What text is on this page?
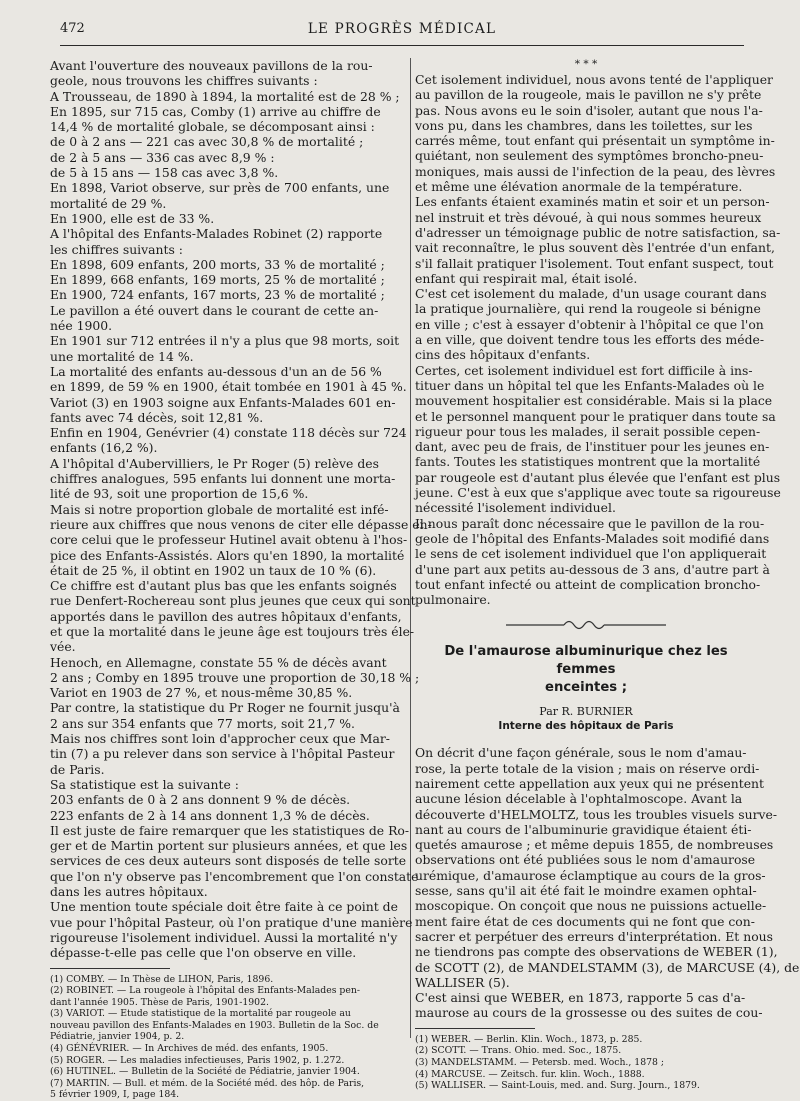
472	LE PROGRÈS MÉDICAL
Avant l'ouverture des nouveaux pavillons de la rou-
geole, nous trouvons les chiffres suivants :
A Trousseau, de 1890 à 1894, la mortalité est de 28 % ;
En 1895, sur 715 cas, Comby (1) arrive au chiffre de
14,4 % de mortalité globale, se décomposant ainsi :
de 0 à 2 ans — 221 cas avec 30,8 % de mortalité ;
de 2 à 5 ans — 336 cas avec 8,9 % :
de 5 à 15 ans — 158 cas avec 3,8 %.
En 1898, Variot observe, sur près de 700 enfants, une
mortalité de 29 %.
En 1900, elle est de 33 %.
A l'hôpital des Enfants-Malades Robinet (2) rapporte
les chiffres suivants :
En 1898, 609 enfants, 200 morts, 33 % de mortalité ;
En 1899, 668 enfants, 169 morts, 25 % de mortalité ;
En 1900, 724 enfants, 167 morts, 23 % de mortalité ;
Le pavillon a été ouvert dans le courant de cette an-
née 1900.
En 1901 sur 712 entrées il n'y a plus que 98 morts, soit
une mortalité de 14 %.
La mortalité des enfants au-dessous d'un an de 56 %
en 1899, de 59 % en 1900, était tombée en 1901 à 45 %.
Variot (3) en 1903 soigne aux Enfants-Malades 601 en-
fants avec 74 décès, soit 12,81 %.
Enfin en 1904, Genévrier (4) constate 118 décès sur 724
enfants (16,2 %).
A l'hôpital d'Aubervilliers, le Pr Roger (5) relève des
chiffres analogues, 595 enfants lui donnent une morta-
lité de 93, soit une proportion de 15,6 %.
Mais si notre proportion globale de mortalité est infé-
rieure aux chiffres que nous venons de citer elle dépasse en-
core celui que le professeur Hutinel avait obtenu à l'hos-
pice des Enfants-Assistés. Alors qu'en 1890, la mortalité
était de 25 %, il obtint en 1902 un taux de 10 % (6).
Ce chiffre est d'autant plus bas que les enfants soignés
rue Denfert-Rochereau sont plus jeunes que ceux qui sont
apportés dans le pavillon des autres hôpitaux d'enfants,
et que la mortalité dans le jeune âge est toujours très éle-
vée.
Henoch, en Allemagne, constate 55 % de décès avant
2 ans ; Comby en 1895 trouve une proportion de 30,18 % ;
Variot en 1903 de 27 %, et nous-même 30,85 %.
Par contre, la statistique du Pr Roger ne fournit jusqu'à
2 ans sur 354 enfants que 77 morts, soit 21,7 %.
Mais nos chiffres sont loin d'approcher ceux que Mar-
tin (7) a pu relever dans son service à l'hôpital Pasteur
de Paris.
Sa statistique est la suivante :
203 enfants de 0 à 2 ans donnent 9 % de décès.
223 enfants de 2 à 14 ans donnent 1,3 % de décès.
Il est juste de faire remarquer que les statistiques de Ro-
ger et de Martin portent sur plusieurs années, et que les
services de ces deux auteurs sont disposés de telle sorte
que l'on n'y observe pas l'encombrement que l'on constate
dans les autres hôpitaux.
Une mention toute spéciale doit être faite à ce point de
vue pour l'hôpital Pasteur, où l'on pratique d'une manière
rigoureuse l'isolement individuel. Aussi la mortalité n'y
dépasse-t-elle pas celle que l'on observe en ville.
(1) COMBY. — In Thèse de LIHON, Paris, 1896.
(2) ROBINET. — La rougeole à l'hôpital des Enfants-Malades pen-
dant l'année 1905. Thèse de Paris, 1901-1902.
(3) VARIOT. — Etude statistique de la mortalité par rougeole au
nouveau pavillon des Enfants-Malades en 1903. Bulletin de la Soc. de
Pédiatrie, janvier 1904, p. 2.
(4) GÉNÉVRIER. — In Archives de méd. des enfants, 1905.
(5) ROGER. — Les maladies infectieuses, Paris 1902, p. 1.272.
(6) HUTINEL. — Bulletin de la Société de Pédiatrie, janvier 1904.
(7) MARTIN. — Bull. et mém. de la Société méd. des hôp. de Paris,
5 février 1909, I, page 184.
* * *
Cet isolement individuel, nous avons tenté de l'appliquer
au pavillon de la rougeole, mais le pavillon ne s'y prête
pas. Nous avons eu le soin d'isoler, autant que nous l'a-
vons pu, dans les chambres, dans les toilettes, sur les
carrés même, tout enfant qui présentait un symptôme in-
quiétant, non seulement des symptômes broncho-pneu-
moniques, mais aussi de l'infection de la peau, des lèvres
et même une élévation anormale de la température.
Les enfants étaient examinés matin et soir et un person-
nel instruit et très dévoué, à qui nous sommes heureux
d'adresser un témoignage public de notre satisfaction, sa-
vait reconnaître, le plus souvent dès l'entrée d'un enfant,
s'il fallait pratiquer l'isolement. Tout enfant suspect, tout
enfant qui respirait mal, était isolé.
C'est cet isolement du malade, d'un usage courant dans
la pratique journalière, qui rend la rougeole si bénigne
en ville ; c'est à essayer d'obtenir à l'hôpital ce que l'on
a en ville, que doivent tendre tous les efforts des méde-
cins des hôpitaux d'enfants.
Certes, cet isolement individuel est fort difficile à ins-
tituer dans un hôpital tel que les Enfants-Malades où le
mouvement hospitalier est considérable. Mais si la place
et le personnel manquent pour le pratiquer dans toute sa
rigueur pour tous les malades, il serait possible cepen-
dant, avec peu de frais, de l'instituer pour les jeunes en-
fants. Toutes les statistiques montrent que la mortalité
par rougeole est d'autant plus élevée que l'enfant est plus
jeune. C'est à eux que s'applique avec toute sa rigoureuse
nécessité l'isolement individuel.
Il nous paraît donc nécessaire que le pavillon de la rou-
geole de l'hôpital des Enfants-Malades soit modifié dans
le sens de cet isolement individuel que l'on appliquerait
d'une part aux petits au-dessous de 3 ans, d'autre part à
tout enfant infecté ou atteint de complication broncho-
pulmonaire.
De l'amaurose albuminurique chez les femmes
enceintes ;
Par R. BURNIER
Interne des hôpitaux de Paris
On décrit d'une façon générale, sous le nom d'amau-
rose, la perte totale de la vision ; mais on réserve ordi-
nairement cette appellation aux yeux qui ne présentent
aucune lésion décelable à l'ophtalmoscope. Avant la
découverte d'HELMOLTZ, tous les troubles visuels surve-
nant au cours de l'albuminurie gravidique étaient éti-
quetés amaurose ; et même depuis 1855, de nombreuses
observations ont été publiées sous le nom d'amaurose
urémique, d'amaurose éclamptique au cours de la gros-
sesse, sans qu'il ait été fait le moindre examen ophtal-
moscopique. On conçoit que nous ne puissions actuelle-
ment faire état de ces documents qui ne font que con-
sacrer et perpétuer des erreurs d'interprétation. Et nous
ne tiendrons pas compte des observations de WEBER (1),
de SCOTT (2), de MANDELSTAMM (3), de MARCUSE (4), de
WALLISER (5).
C'est ainsi que WEBER, en 1873, rapporte 5 cas d'a-
maurose au cours de la grossesse ou des suites de cou-
(1) WEBER. — Berlin. Klin. Woch., 1873, p. 285.
(2) SCOTT. — Trans. Ohio. med. Soc., 1875.
(3) MANDELSTAMM. — Petersb. med. Woch., 1878 ;
(4) MARCUSE. — Zeitsch. fur. klin. Woch., 1888.
(5) WALLISER. — Saint-Louis, med. and. Surg. Journ., 1879.
